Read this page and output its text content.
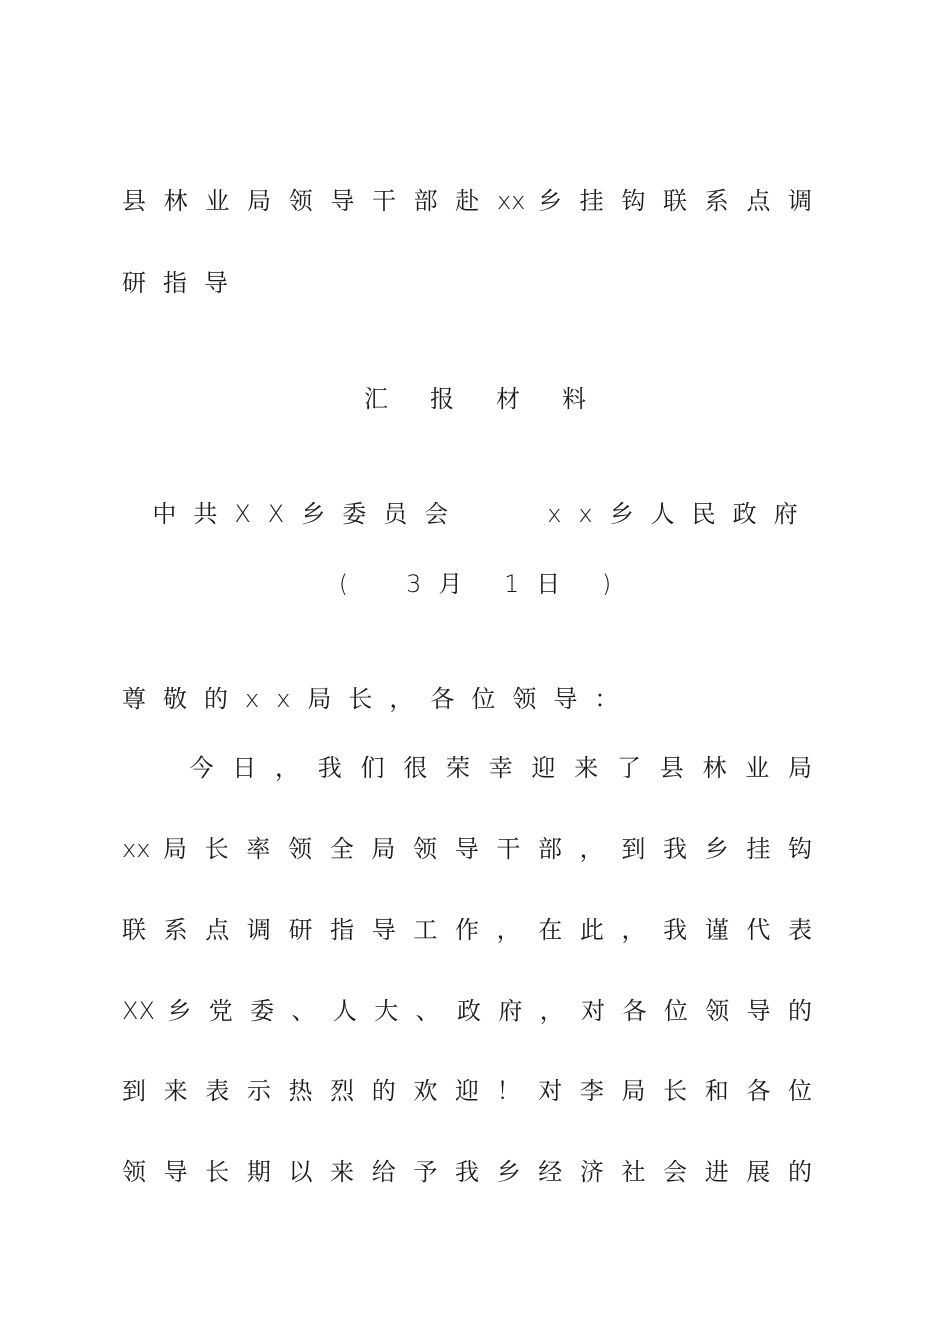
县 林 业 局 领 导 干 部 赴 xx 乡 挂 钩 联 系 点 调
研指导
汇报材料
中共XX乡委员会　　xx乡人民政府
(　3月 1日 )
尊敬的xx局长，各位领导：
　今 日 ， 我 们 很 荣 幸 迎 来 了 县 林 业 局
xx 局 长 率 领 全 局 领 导 干 部 ， 到 我 乡 挂 钩
联 系 点 调 研 指 导 工 作 ， 在 此 ， 我 谨 代 表
XX 乡 党 委 、 人 大 、 政 府 ， 对 各 位 领 导 的
到 来 表 示 热 烈 的 欢 迎 ！ 对 李 局 长 和 各 位
领 导 长 期 以 来 给 予 我 乡 经 济 社 会 进 展 的
